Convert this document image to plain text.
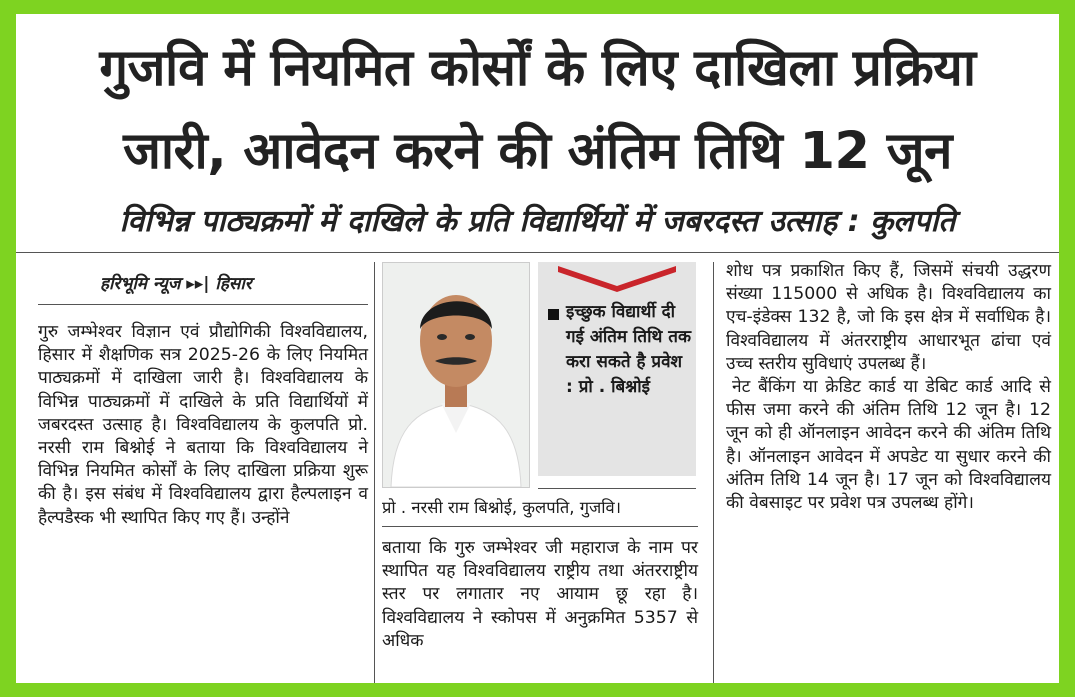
गुजवि में नियमित कोर्सों के लिए दाखिला प्रक्रिया
जारी, आवेदन करने की अंतिम तिथि 12 जून
विभिन्न पाठ्यक्रमों में दाखिले के प्रति विद्यार्थियों में जबरदस्त उत्साह : कुलपति
हरिभूमि न्यूज ▸▸| हिसार

गुरु जम्भेश्वर विज्ञान एवं प्रौद्योगिकी विश्वविद्यालय, हिसार में शैक्षणिक सत्र 2025-26 के लिए नियमित पाठ्यक्रमों में दाखिला जारी है। विश्वविद्यालय के विभिन्न पाठ्यक्रमों में दाखिले के प्रति विद्यार्थियों में जबरदस्त उत्साह है। विश्वविद्यालय के कुलपति प्रो. नरसी राम बिश्नोई ने बताया कि विश्वविद्यालय ने विभिन्न नियमित कोर्सों के लिए दाखिला प्रक्रिया शुरू की है। इस संबंध में विश्वविद्यालय द्वारा हैल्पलाइन व हैल्पडैस्क भी स्थापित किए गए हैं। उन्होंने

इच्छुक विद्यार्थी दी गई अंतिम तिथि तक करा सकते है प्रवेश : प्रो . बिश्नोई
प्रो . नरसी राम बिश्नोई, कुलपति, गुजवि।

बताया कि गुरु जम्भेश्वर जी महाराज के नाम पर स्थापित यह विश्वविद्यालय राष्ट्रीय तथा अंतरराष्ट्रीय स्तर पर लगातार नए आयाम छू रहा है। विश्वविद्यालय ने स्कोपस में अनुक्रमित 5357 से अधिक

शोध पत्र प्रकाशित किए हैं, जिसमें संचयी उद्धरण संख्या 115000 से अधिक है। विश्वविद्यालय का एच-इंडेक्स 132 है, जो कि इस क्षेत्र में सर्वाधिक है। विश्वविद्यालय में अंतरराष्ट्रीय आधारभूत ढांचा एवं उच्च स्तरीय सुविधाएं उपलब्ध हैं।

नेट बैंकिंग या क्रेडिट कार्ड या डेबिट कार्ड आदि से फीस जमा करने की अंतिम तिथि 12 जून है। 12 जून को ही ऑनलाइन आवेदन करने की अंतिम तिथि है। ऑनलाइन आवेदन में अपडेट या सुधार करने की अंतिम तिथि 14 जून है। 17 जून को विश्वविद्यालय की वेबसाइट पर प्रवेश पत्र उपलब्ध होंगे।
